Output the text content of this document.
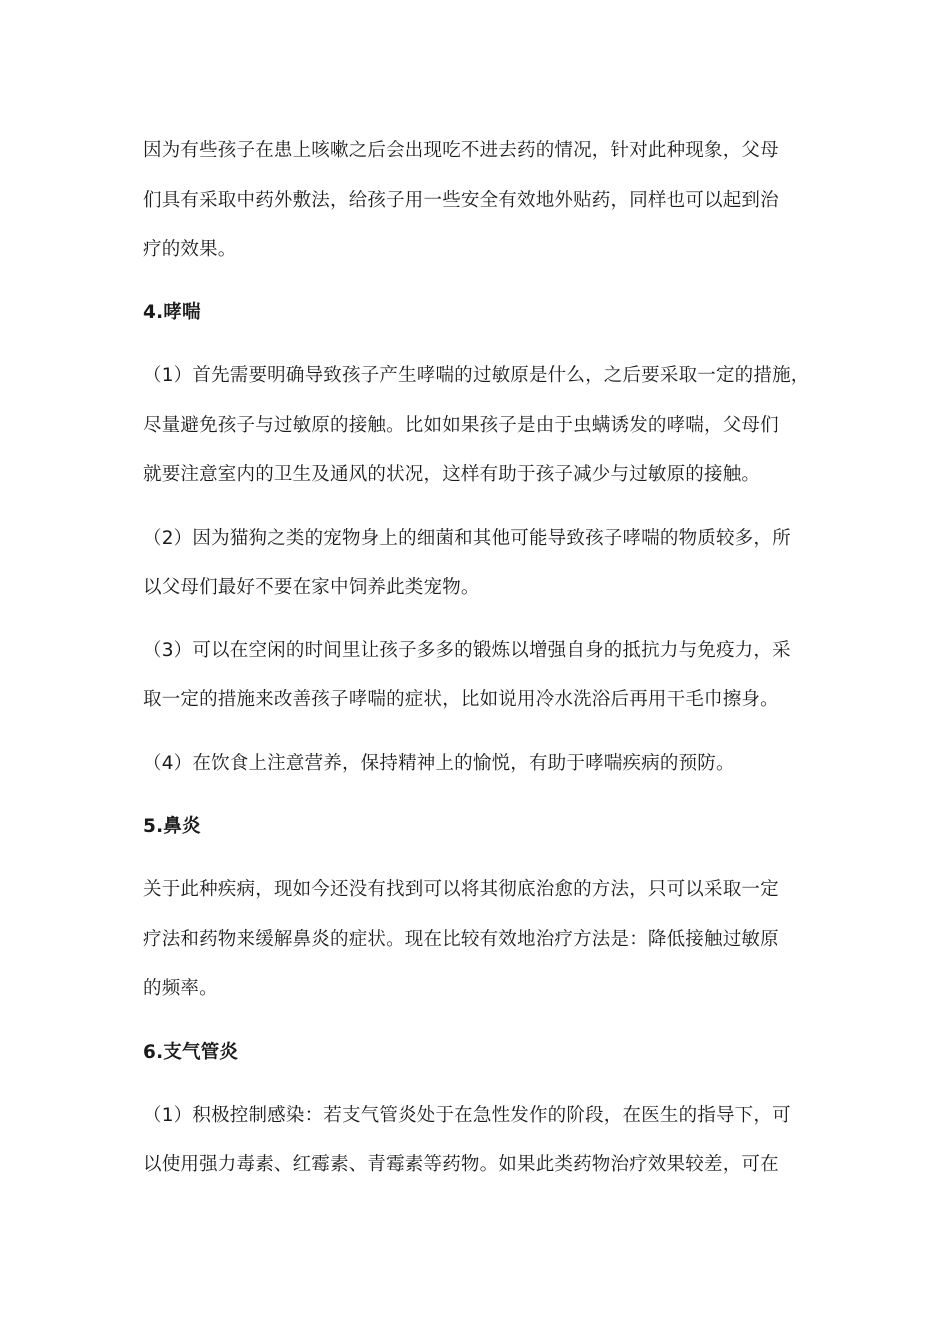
因为有些孩子在患上咳嗽之后会出现吃不进去药的情况，针对此种现象，父母
们具有采取中药外敷法，给孩子用一些安全有效地外贴药，同样也可以起到治
疗的效果。
4.哮喘
（1）首先需要明确导致孩子产生哮喘的过敏原是什么，之后要采取一定的措施，
尽量避免孩子与过敏原的接触。比如如果孩子是由于虫螨诱发的哮喘，父母们
就要注意室内的卫生及通风的状况，这样有助于孩子减少与过敏原的接触。
（2）因为猫狗之类的宠物身上的细菌和其他可能导致孩子哮喘的物质较多，所
以父母们最好不要在家中饲养此类宠物。
（3）可以在空闲的时间里让孩子多多的锻炼以增强自身的抵抗力与免疫力，采
取一定的措施来改善孩子哮喘的症状，比如说用冷水洗浴后再用干毛巾擦身。
（4）在饮食上注意营养，保持精神上的愉悦，有助于哮喘疾病的预防。
5.鼻炎
关于此种疾病，现如今还没有找到可以将其彻底治愈的方法，只可以采取一定
疗法和药物来缓解鼻炎的症状。现在比较有效地治疗方法是：降低接触过敏原
的频率。
6.支气管炎
（1）积极控制感染：若支气管炎处于在急性发作的阶段，在医生的指导下，可
以使用强力毒素、红霉素、青霉素等药物。如果此类药物治疗效果较差，可在
